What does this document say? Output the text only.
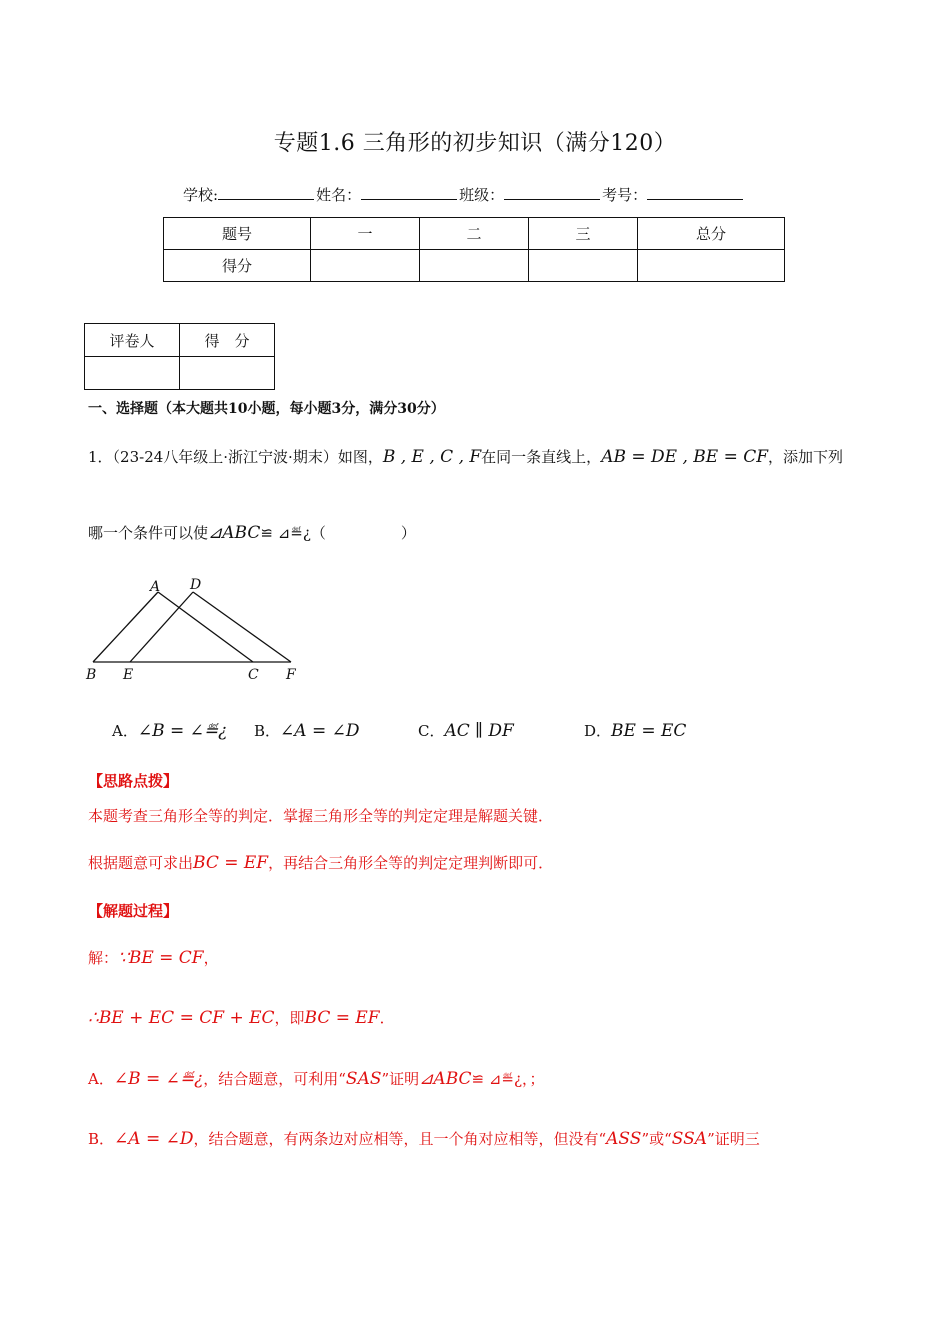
专题1.6 三角形的初步知识（满分120）
学校:	姓名：	班级：	考号：
题号	一	二	三	总分
得分				
评卷人	得　分

一、选择题（本大题共10小题，每小题3分，满分30分）
1．（23-24八年级上·浙江宁波·期末）如图，B , E , C , F在同一条直线上，AB = DE , BE = CF，添加下列
哪一个条件可以使⊿ABC≌ ⊿≝¿（　　　　　）
A D
B E	C F
A．∠B = ∠≝¿ B．∠A = ∠D	C．AC ∥ DF	D．BE = EC
【思路点拨】
本题考查三角形全等的判定．掌握三角形全等的判定定理是解题关键．
根据题意可求出BC = EF，再结合三角形全等的判定定理判断即可．
【解题过程】
解：∵BE = CF，
∴BE + EC = CF + EC，即BC = EF．
A．∠B = ∠≝¿，结合题意，可利用“SAS”证明⊿ABC≌ ⊿≝¿，；
B．∠A = ∠D，结合题意，有两条边对应相等，且一个角对应相等，但没有“ASS”或“SSA”证明三
